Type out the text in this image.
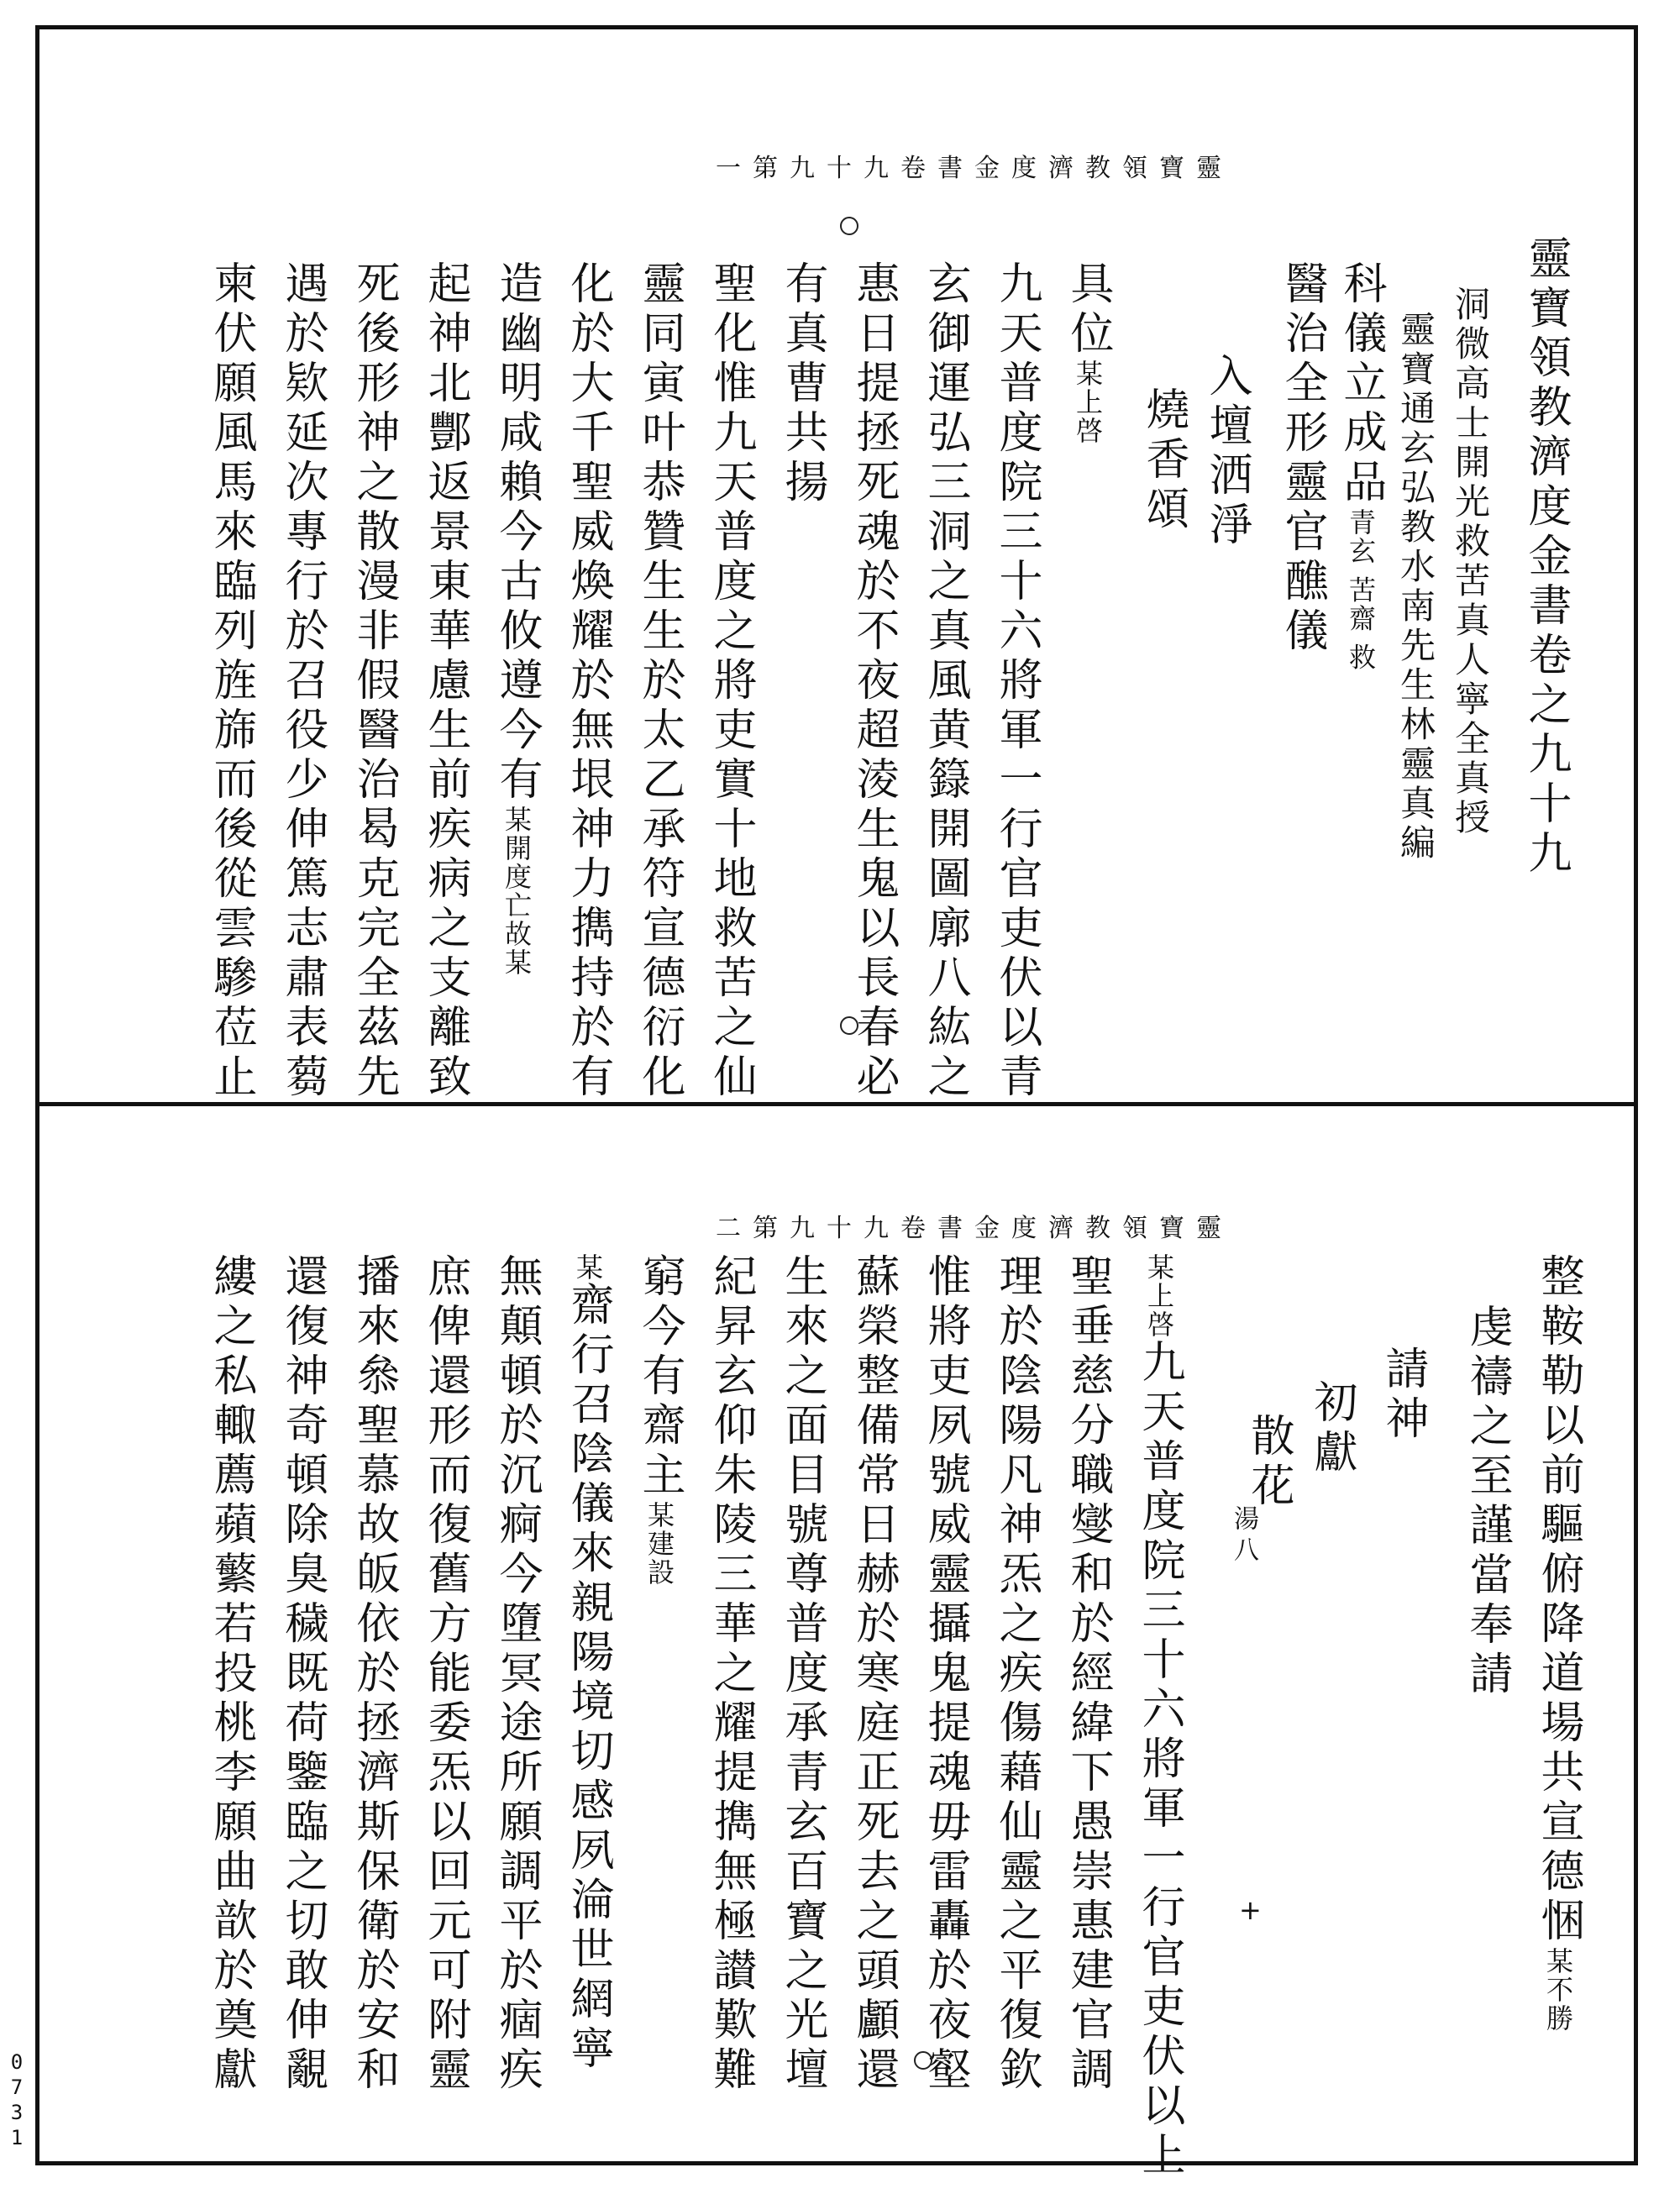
一第九十九卷書金度濟教領寶靈
靈寶領教濟度金書卷之九十九
洞微高士開光救苦真人寧全真授
靈寶通玄弘教水南先生林靈真編
科儀立成品青玄 苦齋 救
醫治全形靈官醮儀
入壇洒淨
燒香頌
具位某上啓
九天普度院三十六將軍一行官吏伏以青
玄御運弘三洞之真風黄籙開圖廓八紘之
惠日提拯死魂於不夜超淩生鬼以長春必
有真曹共揚
聖化惟九天普度之將吏實十地救苦之仙
靈同寅叶恭贊生生於太乙承符宣德衍化
化於大千聖威煥耀於無垠神力擕持於有
造幽明咸賴今古攸遵今有某開度亡故某
起神北酆返景東華慮生前疾病之支離致
死後形神之散漫非假醫治曷克完全茲先
遇於欵延次專行於召役少伸篤志肅表蒭
柬伏願風馬來臨列旌旆而後從雲驂莅止
二第九十九卷書金度濟教領寶靈
整鞍勒以前驅俯降道場共宣德悃某不勝
虔禱之至謹當奉請
請神
初獻
散花
湯八
某上啓九天普度院三十六將軍一行官吏伏以上
聖垂慈分職燮和於經緯下愚崇惠建官調
理於陰陽凡神炁之疾傷藉仙靈之平復欽
惟將吏夙號威靈攝鬼提魂毋雷轟於夜壑
蘇榮整備常日赫於寒庭正死去之頭顱還
生來之面目號尊普度承青玄百寶之光壇
紀昇玄仰朱陵三華之耀提擕無極讃歎難
窮今有齋主某建設
某齋行召陰儀來親陽境切感夙淪世網寧
無顛頓於沉痾今墮冥途所願調平於痼疾
庶俾還形而復舊方能委炁以回元可附靈
播來叅聖慕故皈依於拯濟斯保衛於安和
還復神奇頓除臭穢既荷鑒臨之切敢伸覶
縷之私輙薦蘋蘩若投桃李願曲歆於奠獻	+
0
7
3
1
